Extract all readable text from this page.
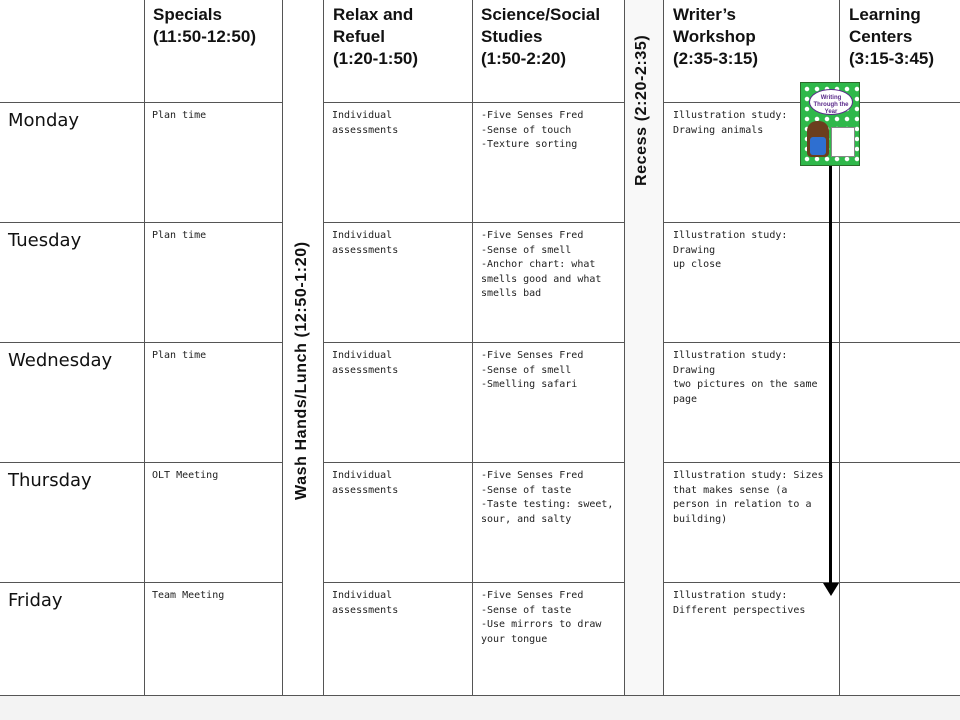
Specials
(11:50-12:50)
Relax and
Refuel
(1:20-1:50)
Science/Social
Studies
(1:50-2:20)
Writer’s
Workshop
(2:35-3:15)
Learning
Centers
(3:15-3:45)
Wash Hands/Lunch (12:50-1:20)
Recess (2:20-2:35)
Monday
Tuesday
Wednesday
Thursday
Friday
Plan time
Plan time
Plan time
OLT Meeting
Team Meeting
Individual
assessments
Individual
assessments
Individual
assessments
Individual
assessments
Individual
assessments
-Five Senses Fred
-Sense of touch
-Texture sorting
-Five Senses Fred
-Sense of smell
-Anchor chart: what
smells good and what
smells bad
-Five Senses Fred
-Sense of smell
-Smelling safari
-Five Senses Fred
-Sense of taste
-Taste testing: sweet,
sour, and salty
-Five Senses Fred
-Sense of taste
-Use mirrors to draw
your tongue
Illustration study:
Drawing animals
Illustration study: Drawing
up close
Illustration study: Drawing
two pictures on the same
page
Illustration study: Sizes
that makes sense (a
person in relation to a
building)
Illustration study:
Different perspectives
Writing Through the Year
